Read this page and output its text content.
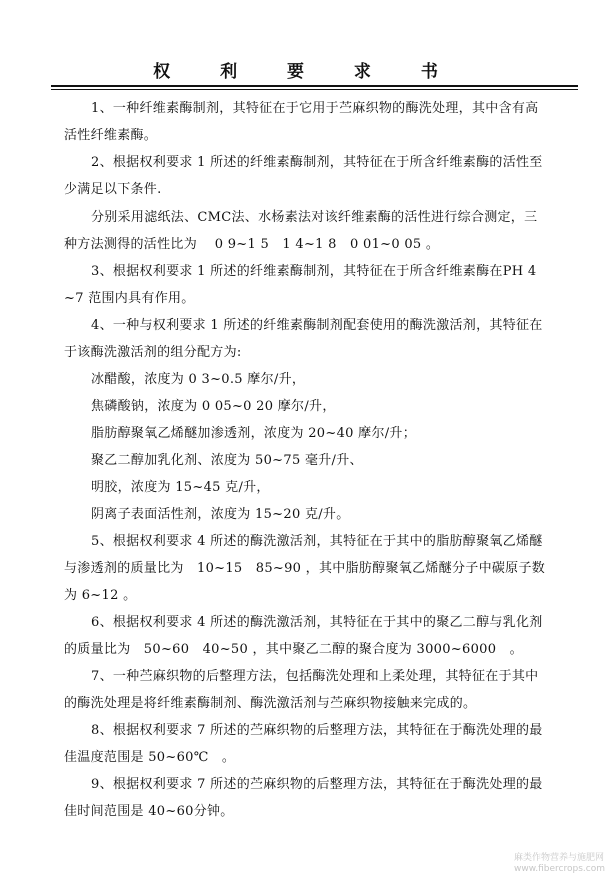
权 利 要 求 书
1、一种纤维素酶制剂，其特征在于它用于苎麻织物的酶洗处理，其中含有高
活性纤维素酶。
2、根据权利要求 1 所述的纤维素酶制剂，其特征在于所含纤维素酶的活性至
少满足以下条件.
分别采用滤纸法、CMC法、水杨素法对该纤维素酶的活性进行综合测定，三
种方法测得的活性比为　 0 9~1 5　1 4~1 8　0 01~0 05 。
3、根据权利要求 1 所述的纤维素酶制剂，其特征在于所含纤维素酶在PH 4
~7 范围内具有作用。
4、一种与权利要求 1 所述的纤维素酶制剂配套使用的酶洗激活剂，其特征在
于该酶洗激活剂的组分配方为:
冰醋酸，浓度为 0 3~0.5 摩尔/升，
焦磷酸钠，浓度为 0 05~0 20 摩尔/升，
脂肪醇聚氧乙烯醚加渗透剂，浓度为 20~40 摩尔/升；
聚乙二醇加乳化剂、浓度为 50~75 毫升/升、
明胶，浓度为 15~45 克/升，
阴离子表面活性剂，浓度为 15~20 克/升。
5、根据权利要求 4 所述的酶洗激活剂，其特征在于其中的脂肪醇聚氧乙烯醚
与渗透剂的质量比为　10~15　85~90 ，其中脂肪醇聚氧乙烯醚分子中碳原子数
为 6~12 。
6、根据权利要求 4 所述的酶洗激活剂，其特征在于其中的聚乙二醇与乳化剂
的质量比为　50~60　40~50 ，其中聚乙二醇的聚合度为 3000~6000　。
7、一种苎麻织物的后整理方法，包括酶洗处理和上柔处理，其特征在于其中
的酶洗处理是将纤维素酶制剂、酶洗激活剂与苎麻织物接触来完成的。
8、根据权利要求 7 所述的苎麻织物的后整理方法，其特征在于酶洗处理的最
佳温度范围是 50~60℃　。
9、根据权利要求 7 所述的苎麻织物的后整理方法，其特征在于酶洗处理的最
佳时间范围是 40~60分钟。
麻类作物营养与施肥网
www.fibercrops.com
